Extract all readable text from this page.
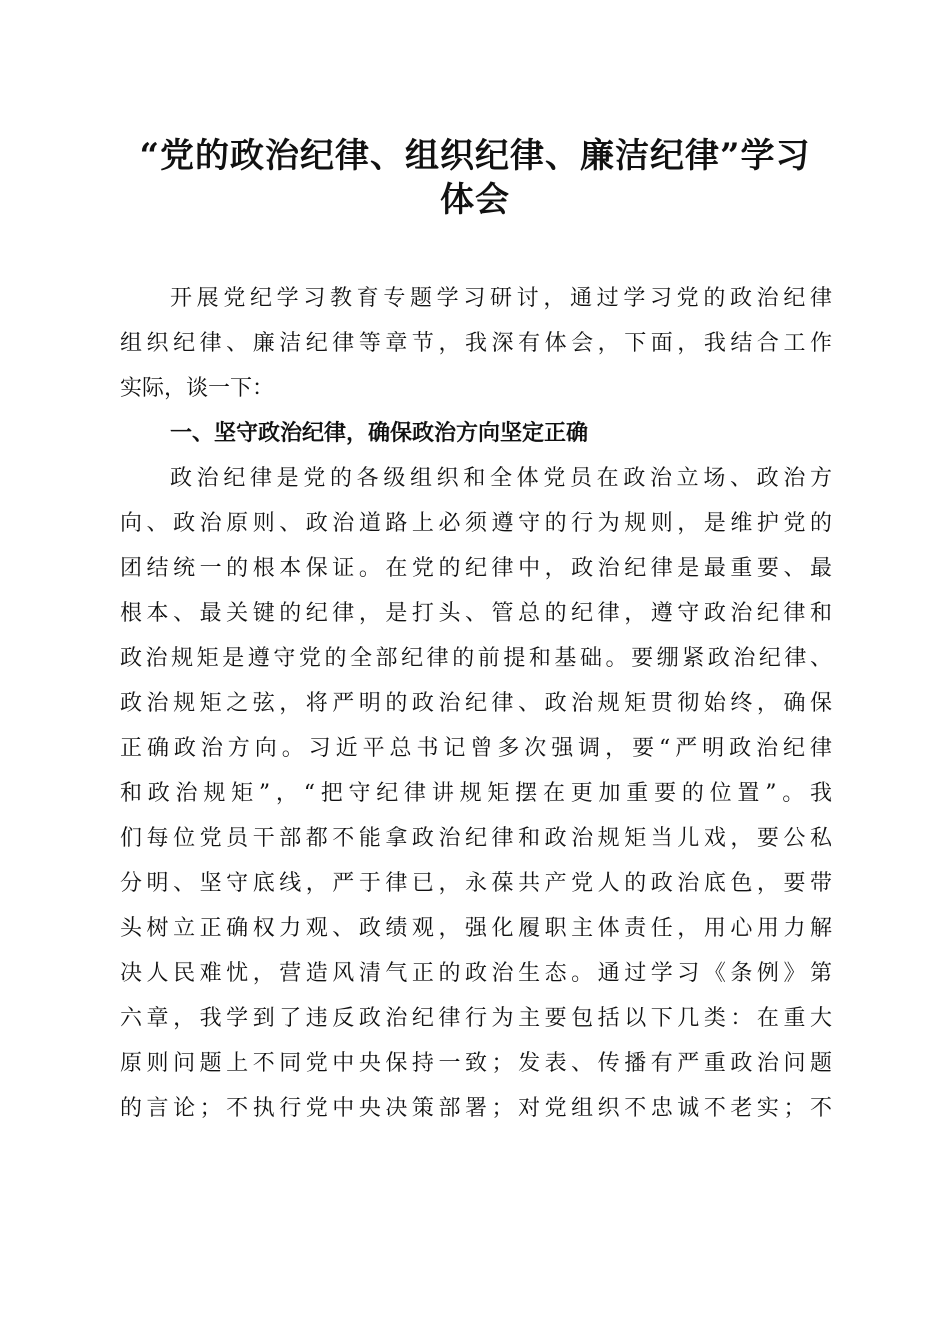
“党的政治纪律、组织纪律、廉洁纪律”学习
体会
开展党纪学习教育专题学习研讨，通过学习党的政治纪律
组织纪律、廉洁纪律等章节，我深有体会，下面，我结合工作
实际，谈一下：
一、坚守政治纪律，确保政治方向坚定正确
政治纪律是党的各级组织和全体党员在政治立场、政治方
向、政治原则、政治道路上必须遵守的行为规则，是维护党的
团结统一的根本保证。在党的纪律中，政治纪律是最重要、最
根本、最关键的纪律，是打头、管总的纪律，遵守政治纪律和
政治规矩是遵守党的全部纪律的前提和基础。要绷紧政治纪律、
政治规矩之弦，将严明的政治纪律、政治规矩贯彻始终，确保
正确政治方向。习近平总书记曾多次强调，要“严明政治纪律
和政治规矩”，“把守纪律讲规矩摆在更加重要的位置”。我
们每位党员干部都不能拿政治纪律和政治规矩当儿戏，要公私
分明、坚守底线，严于律已，永葆共产党人的政治底色，要带
头树立正确权力观、政绩观，强化履职主体责任，用心用力解
决人民难忧，营造风清气正的政治生态。通过学习《条例》第
六章，我学到了违反政治纪律行为主要包括以下几类：在重大
原则问题上不同党中央保持一致；发表、传播有严重政治问题
的言论；不执行党中央决策部署；对党组织不忠诚不老实；不
